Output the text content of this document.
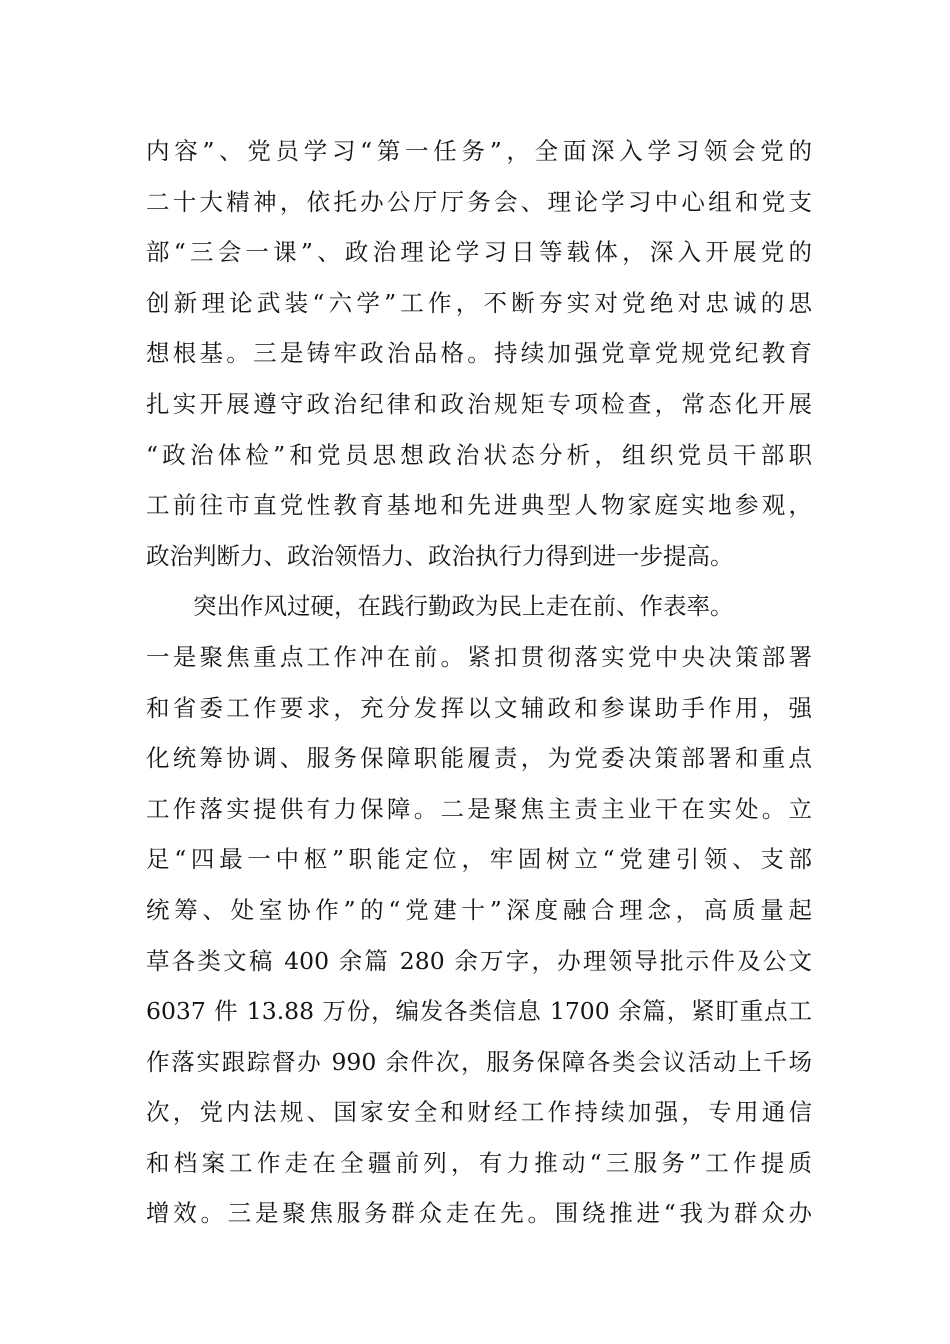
内容”、党员学习“第一任务”，全面深入学习领会党的
二十大精神，依托办公厅厅务会、理论学习中心组和党支
部“三会一课”、政治理论学习日等载体，深入开展党的
创新理论武装“六学”工作，不断夯实对党绝对忠诚的思
想根基。三是铸牢政治品格。持续加强党章党规党纪教育
扎实开展遵守政治纪律和政治规矩专项检查，常态化开展
“政治体检”和党员思想政治状态分析，组织党员干部职
工前往市直党性教育基地和先进典型人物家庭实地参观，
政治判断力、政治领悟力、政治执行力得到进一步提高。
突出作风过硬，在践行勤政为民上走在前、作表率。
一是聚焦重点工作冲在前。紧扣贯彻落实党中央决策部署
和省委工作要求，充分发挥以文辅政和参谋助手作用，强
化统筹协调、服务保障职能履责，为党委决策部署和重点
工作落实提供有力保障。二是聚焦主责主业干在实处。立
足“四最一中枢”职能定位，牢固树立“党建引领、支部
统筹、处室协作”的“党建十”深度融合理念，高质量起
草各类文稿 400 余篇 280 余万字，办理领导批示件及公文
6037 件 13.88 万份，编发各类信息 1700 余篇，紧盯重点工
作落实跟踪督办 990 余件次，服务保障各类会议活动上千场
次，党内法规、国家安全和财经工作持续加强，专用通信
和档案工作走在全疆前列，有力推动“三服务”工作提质
增效。三是聚焦服务群众走在先。围绕推进“我为群众办
